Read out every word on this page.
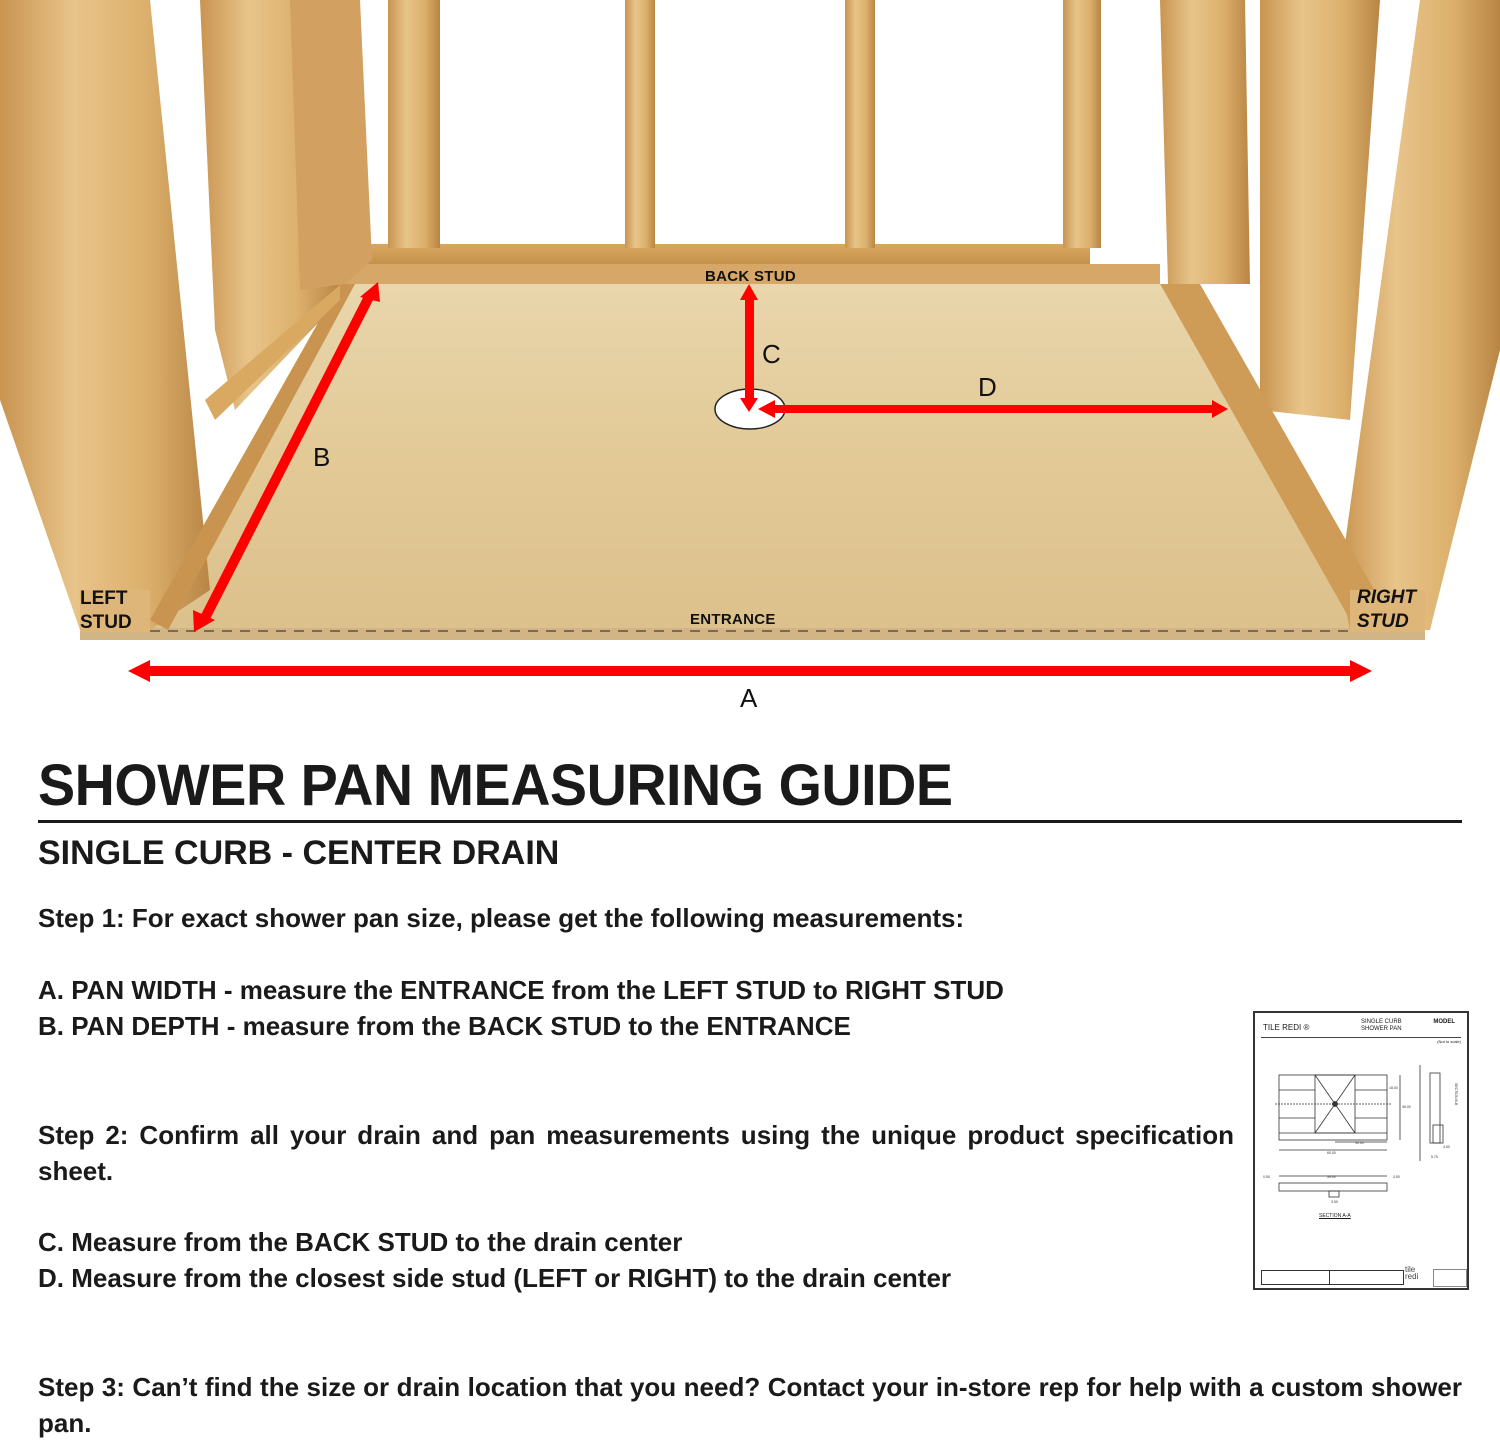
BACK STUD
C
D
B
A
ENTRANCE
LEFT
STUD
RIGHT
STUD
SHOWER PAN MEASURING GUIDE
SINGLE CURB - CENTER DRAIN
Step 1: For exact shower pan size, please get the following measurements:
A. PAN WIDTH - measure the ENTRANCE from the LEFT STUD to RIGHT STUD
B. PAN DEPTH - measure from the BACK STUD to the ENTRANCE
Step 2: Confirm all your drain and pan measurements using the unique product specification sheet.
C. Measure from the BACK STUD to the drain center
D. Measure from the closest side stud (LEFT or RIGHT) to the drain center
Step 3: Can’t find the size or drain location that you need? Contact your in-store rep for help with a custom shower pan.
TILE REDI ®
SINGLE CURB
SHOWER PAN
MODEL
(Not to scale)
60.00
30.00
36.00
18.00
59.00
0.50	0.50
3.50
4.50
5.75
SECTION B-B
SECTION A-A
tile
redi
